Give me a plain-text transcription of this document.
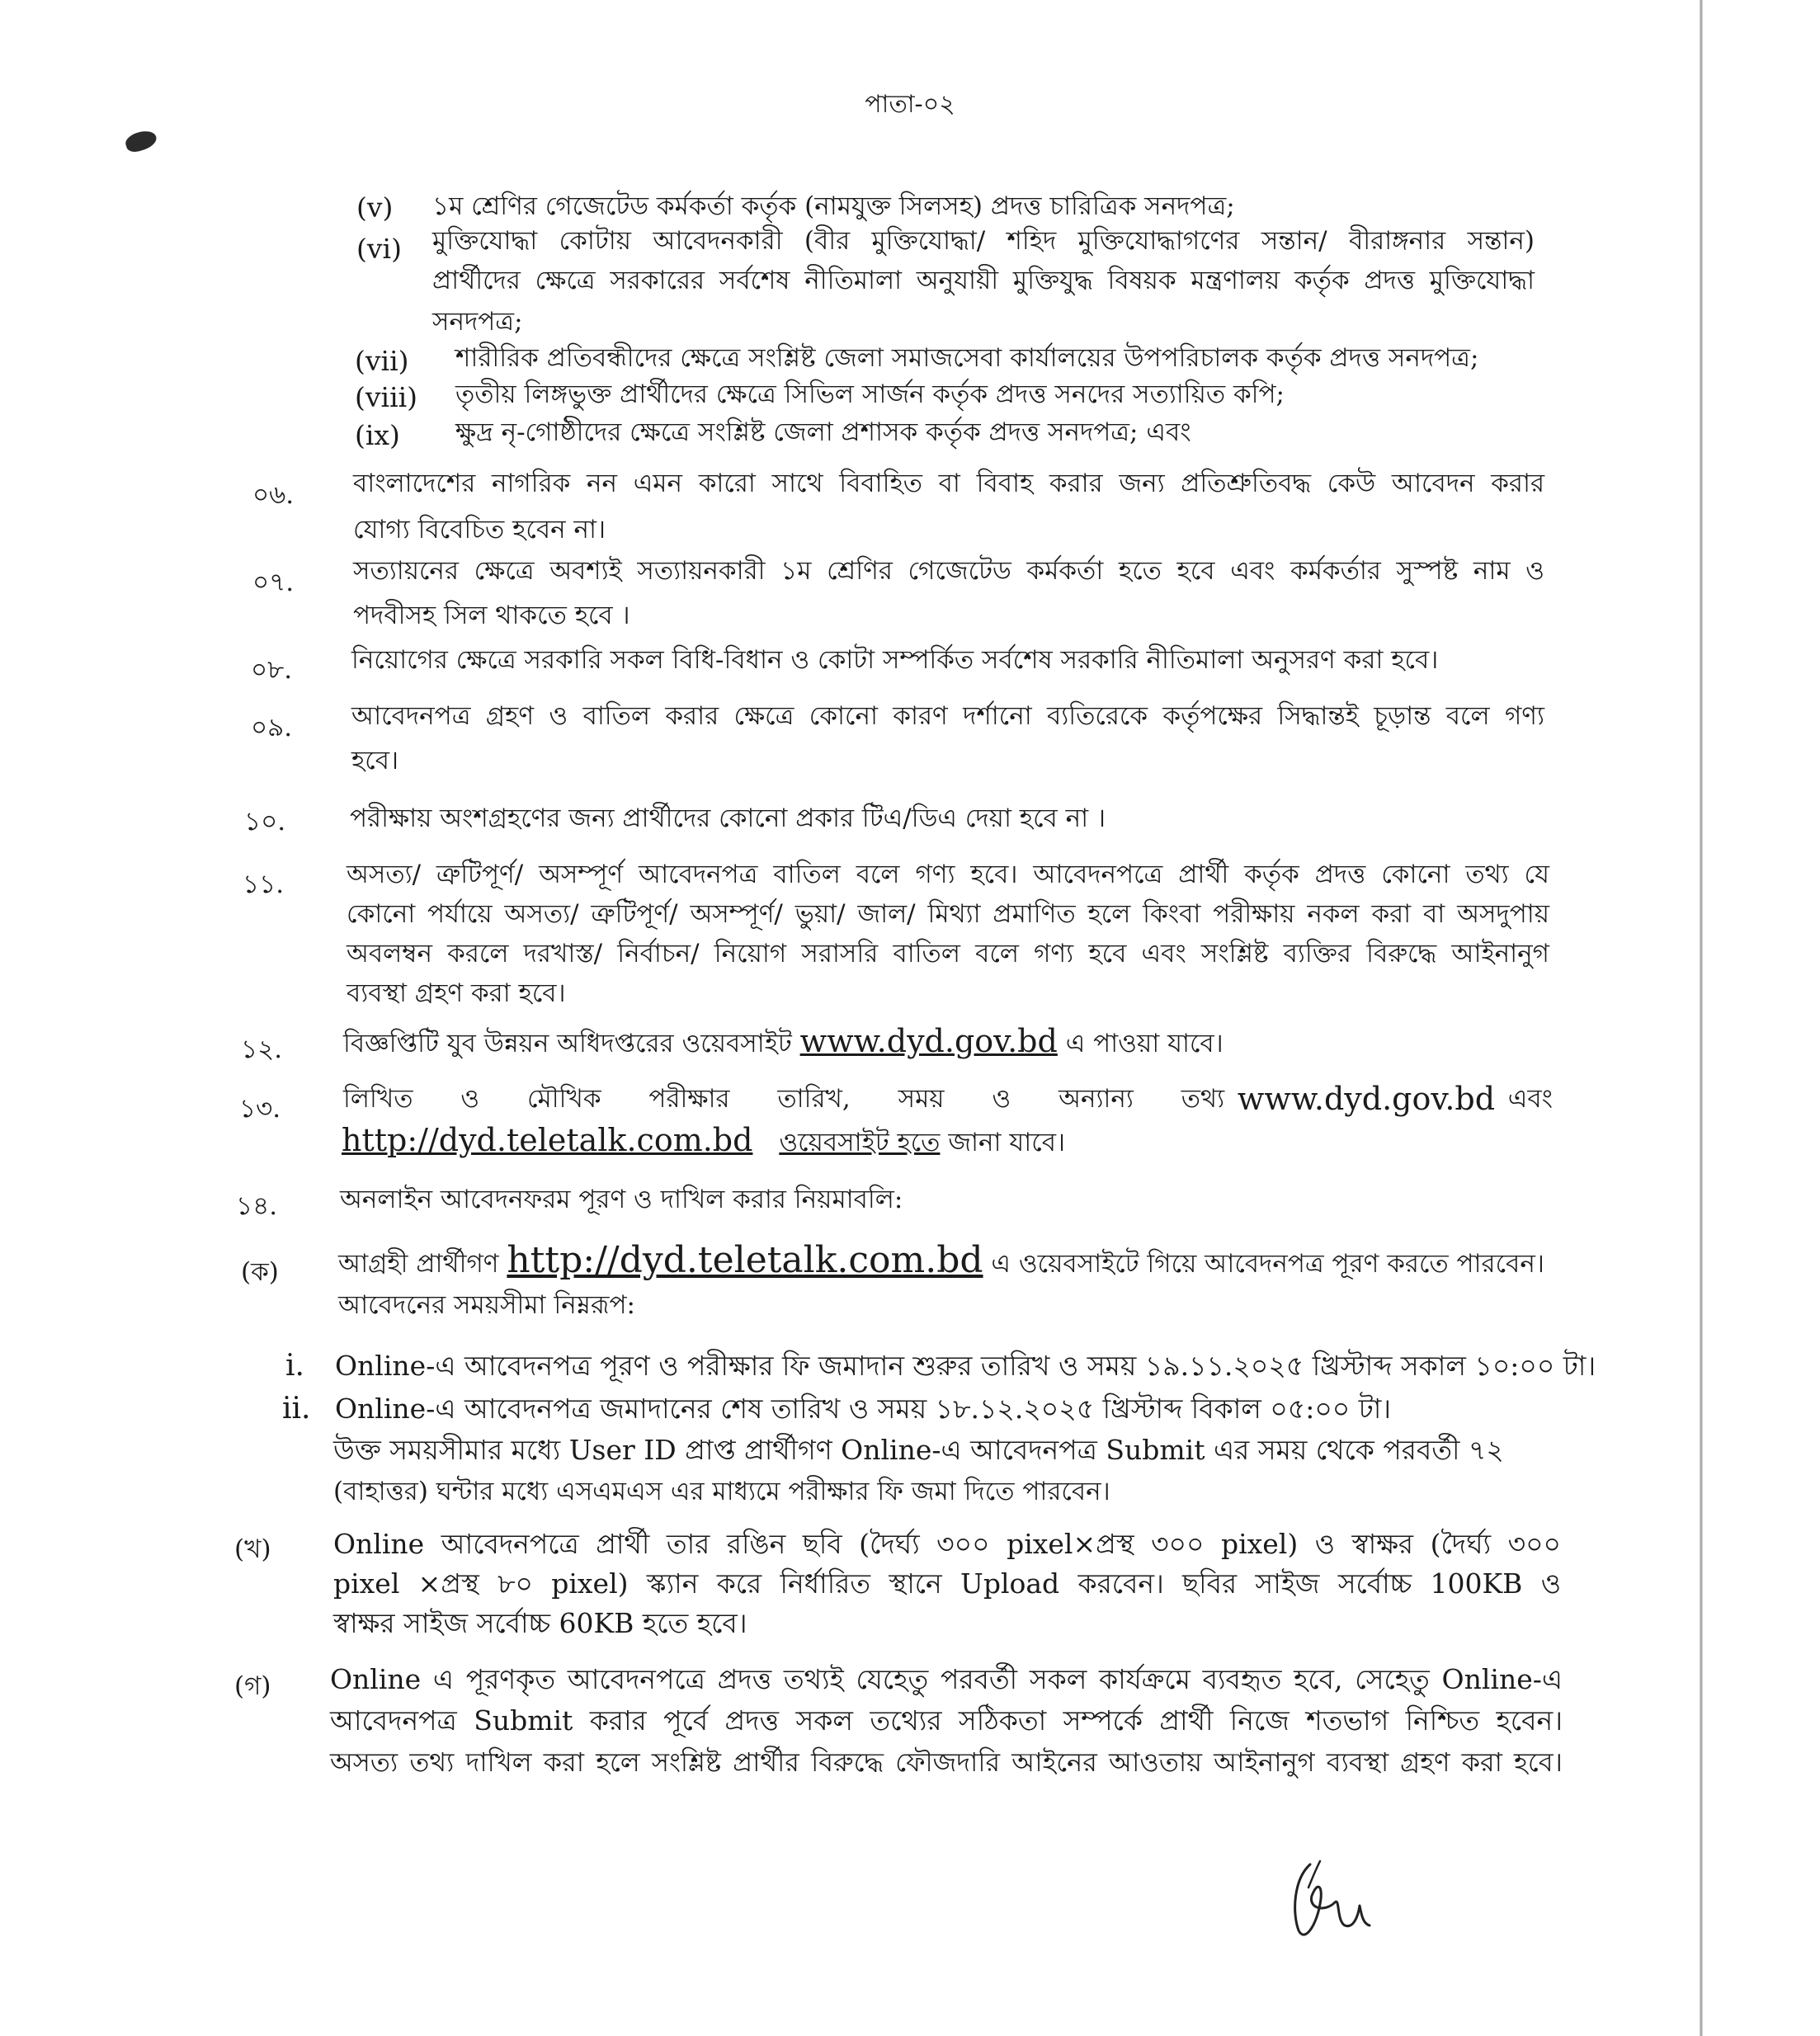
পাতা-০২
(v) ১ম শ্রেণির গেজেটেড কর্মকর্তা কর্তৃক (নামযুক্ত সিলসহ) প্রদত্ত চারিত্রিক সনদপত্র;
(vi) মুক্তিযোদ্ধা কোটায় আবেদনকারী (বীর মুক্তিযোদ্ধা/ শহিদ মুক্তিযোদ্ধাগণের সন্তান/ বীরাঙ্গনার সন্তান)
প্রার্থীদের ক্ষেত্রে সরকারের সর্বশেষ নীতিমালা অনুযায়ী মুক্তিযুদ্ধ বিষয়ক মন্ত্রণালয় কর্তৃক প্রদত্ত মুক্তিযোদ্ধা
সনদপত্র;
(vii) শারীরিক প্রতিবন্ধীদের ক্ষেত্রে সংশ্লিষ্ট জেলা সমাজসেবা কার্যালয়ের উপপরিচালক কর্তৃক প্রদত্ত সনদপত্র;
(viii) তৃতীয় লিঙ্গভুক্ত প্রার্থীদের ক্ষেত্রে সিভিল সার্জন কর্তৃক প্রদত্ত সনদের সত্যায়িত কপি;
(ix) ক্ষুদ্র নৃ-গোষ্ঠীদের ক্ষেত্রে সংশ্লিষ্ট জেলা প্রশাসক কর্তৃক প্রদত্ত সনদপত্র; এবং
০৬. বাংলাদেশের নাগরিক নন এমন কারো সাথে বিবাহিত বা বিবাহ করার জন্য প্রতিশ্রুতিবদ্ধ কেউ আবেদন করার
যোগ্য বিবেচিত হবেন না।
০৭. সত্যায়নের ক্ষেত্রে অবশ্যই সত্যায়নকারী ১ম শ্রেণির গেজেটেড কর্মকর্তা হতে হবে এবং কর্মকর্তার সুস্পষ্ট নাম ও
পদবীসহ সিল থাকতে হবে ।
০৮. নিয়োগের ক্ষেত্রে সরকারি সকল বিধি-বিধান ও কোটা সম্পর্কিত সর্বশেষ সরকারি নীতিমালা অনুসরণ করা হবে।
০৯. আবেদনপত্র গ্রহণ ও বাতিল করার ক্ষেত্রে কোনো কারণ দর্শানো ব্যতিরেকে কর্তৃপক্ষের সিদ্ধান্তই চূড়ান্ত বলে গণ্য
হবে।
১০.	পরীক্ষায় অংশগ্রহণের জন্য প্রার্থীদের কোনো প্রকার টিএ/ডিএ দেয়া হবে না ।
১১. অসত্য/ ত্রুটিপূর্ণ/ অসম্পূর্ণ আবেদনপত্র বাতিল বলে গণ্য হবে। আবেদনপত্রে প্রার্থী কর্তৃক প্রদত্ত কোনো তথ্য যে
কোনো পর্যায়ে অসত্য/ ত্রুটিপূর্ণ/ অসম্পূর্ণ/ ভুয়া/ জাল/ মিথ্যা প্রমাণিত হলে কিংবা পরীক্ষায় নকল করা বা অসদুপায়
অবলম্বন করলে দরখাস্ত/ নির্বাচন/ নিয়োগ সরাসরি বাতিল বলে গণ্য হবে এবং সংশ্লিষ্ট ব্যক্তির বিরুদ্ধে আইনানুগ
ব্যবস্থা গ্রহণ করা হবে।
১২. বিজ্ঞপ্তিটি যুব উন্নয়ন অধিদপ্তরের ওয়েবসাইট www.dyd.gov.bd এ পাওয়া যাবে।
১৩. লিখিত ও মৌখিক পরীক্ষার তারিখ, সময় ও অন্যান্য তথ্য www.dyd.gov.bd এবং
http://dyd.teletalk.com.bd ওয়েবসাইট হতে জানা যাবে।
১৪. অনলাইন আবেদনফরম পূরণ ও দাখিল করার নিয়মাবলি:
(ক) আগ্রহী প্রার্থীগণ http://dyd.teletalk.com.bd এ ওয়েবসাইটে গিয়ে আবেদনপত্র পূরণ করতে পারবেন।
আবেদনের সময়সীমা নিম্নরূপ:
i. Online-এ আবেদনপত্র পূরণ ও পরীক্ষার ফি জমাদান শুরুর তারিখ ও সময় ১৯.১১.২০২৫ খ্রিস্টাব্দ সকাল ১০:০০ টা।
ii. Online-এ আবেদনপত্র জমাদানের শেষ তারিখ ও সময় ১৮.১২.২০২৫ খ্রিস্টাব্দ বিকাল ০৫:০০ টা।
উক্ত সময়সীমার মধ্যে User ID প্রাপ্ত প্রার্থীগণ Online-এ আবেদনপত্র Submit এর সময় থেকে পরবর্তী ৭২
(বাহাত্তর) ঘন্টার মধ্যে এসএমএস এর মাধ্যমে পরীক্ষার ফি জমা দিতে পারবেন।
(খ) Online আবেদনপত্রে প্রার্থী তার রঙিন ছবি (দৈর্ঘ্য ৩০০ pixel×প্রস্থ ৩০০ pixel) ও স্বাক্ষর (দৈর্ঘ্য ৩০০
pixel ×প্রস্থ ৮০ pixel) স্ক্যান করে নির্ধারিত স্থানে Upload করবেন। ছবির সাইজ সর্বোচ্চ 100KB ও
স্বাক্ষর সাইজ সর্বোচ্চ 60KB হতে হবে।
(গ) Online এ পূরণকৃত আবেদনপত্রে প্রদত্ত তথ্যই যেহেতু পরবর্তী সকল কার্যক্রমে ব্যবহৃত হবে, সেহেতু Online-এ
আবেদনপত্র Submit করার পূর্বে প্রদত্ত সকল তথ্যের সঠিকতা সম্পর্কে প্রার্থী নিজে শতভাগ নিশ্চিত হবেন।
অসত্য তথ্য দাখিল করা হলে সংশ্লিষ্ট প্রার্থীর বিরুদ্ধে ফৌজদারি আইনের আওতায় আইনানুগ ব্যবস্থা গ্রহণ করা হবে।
